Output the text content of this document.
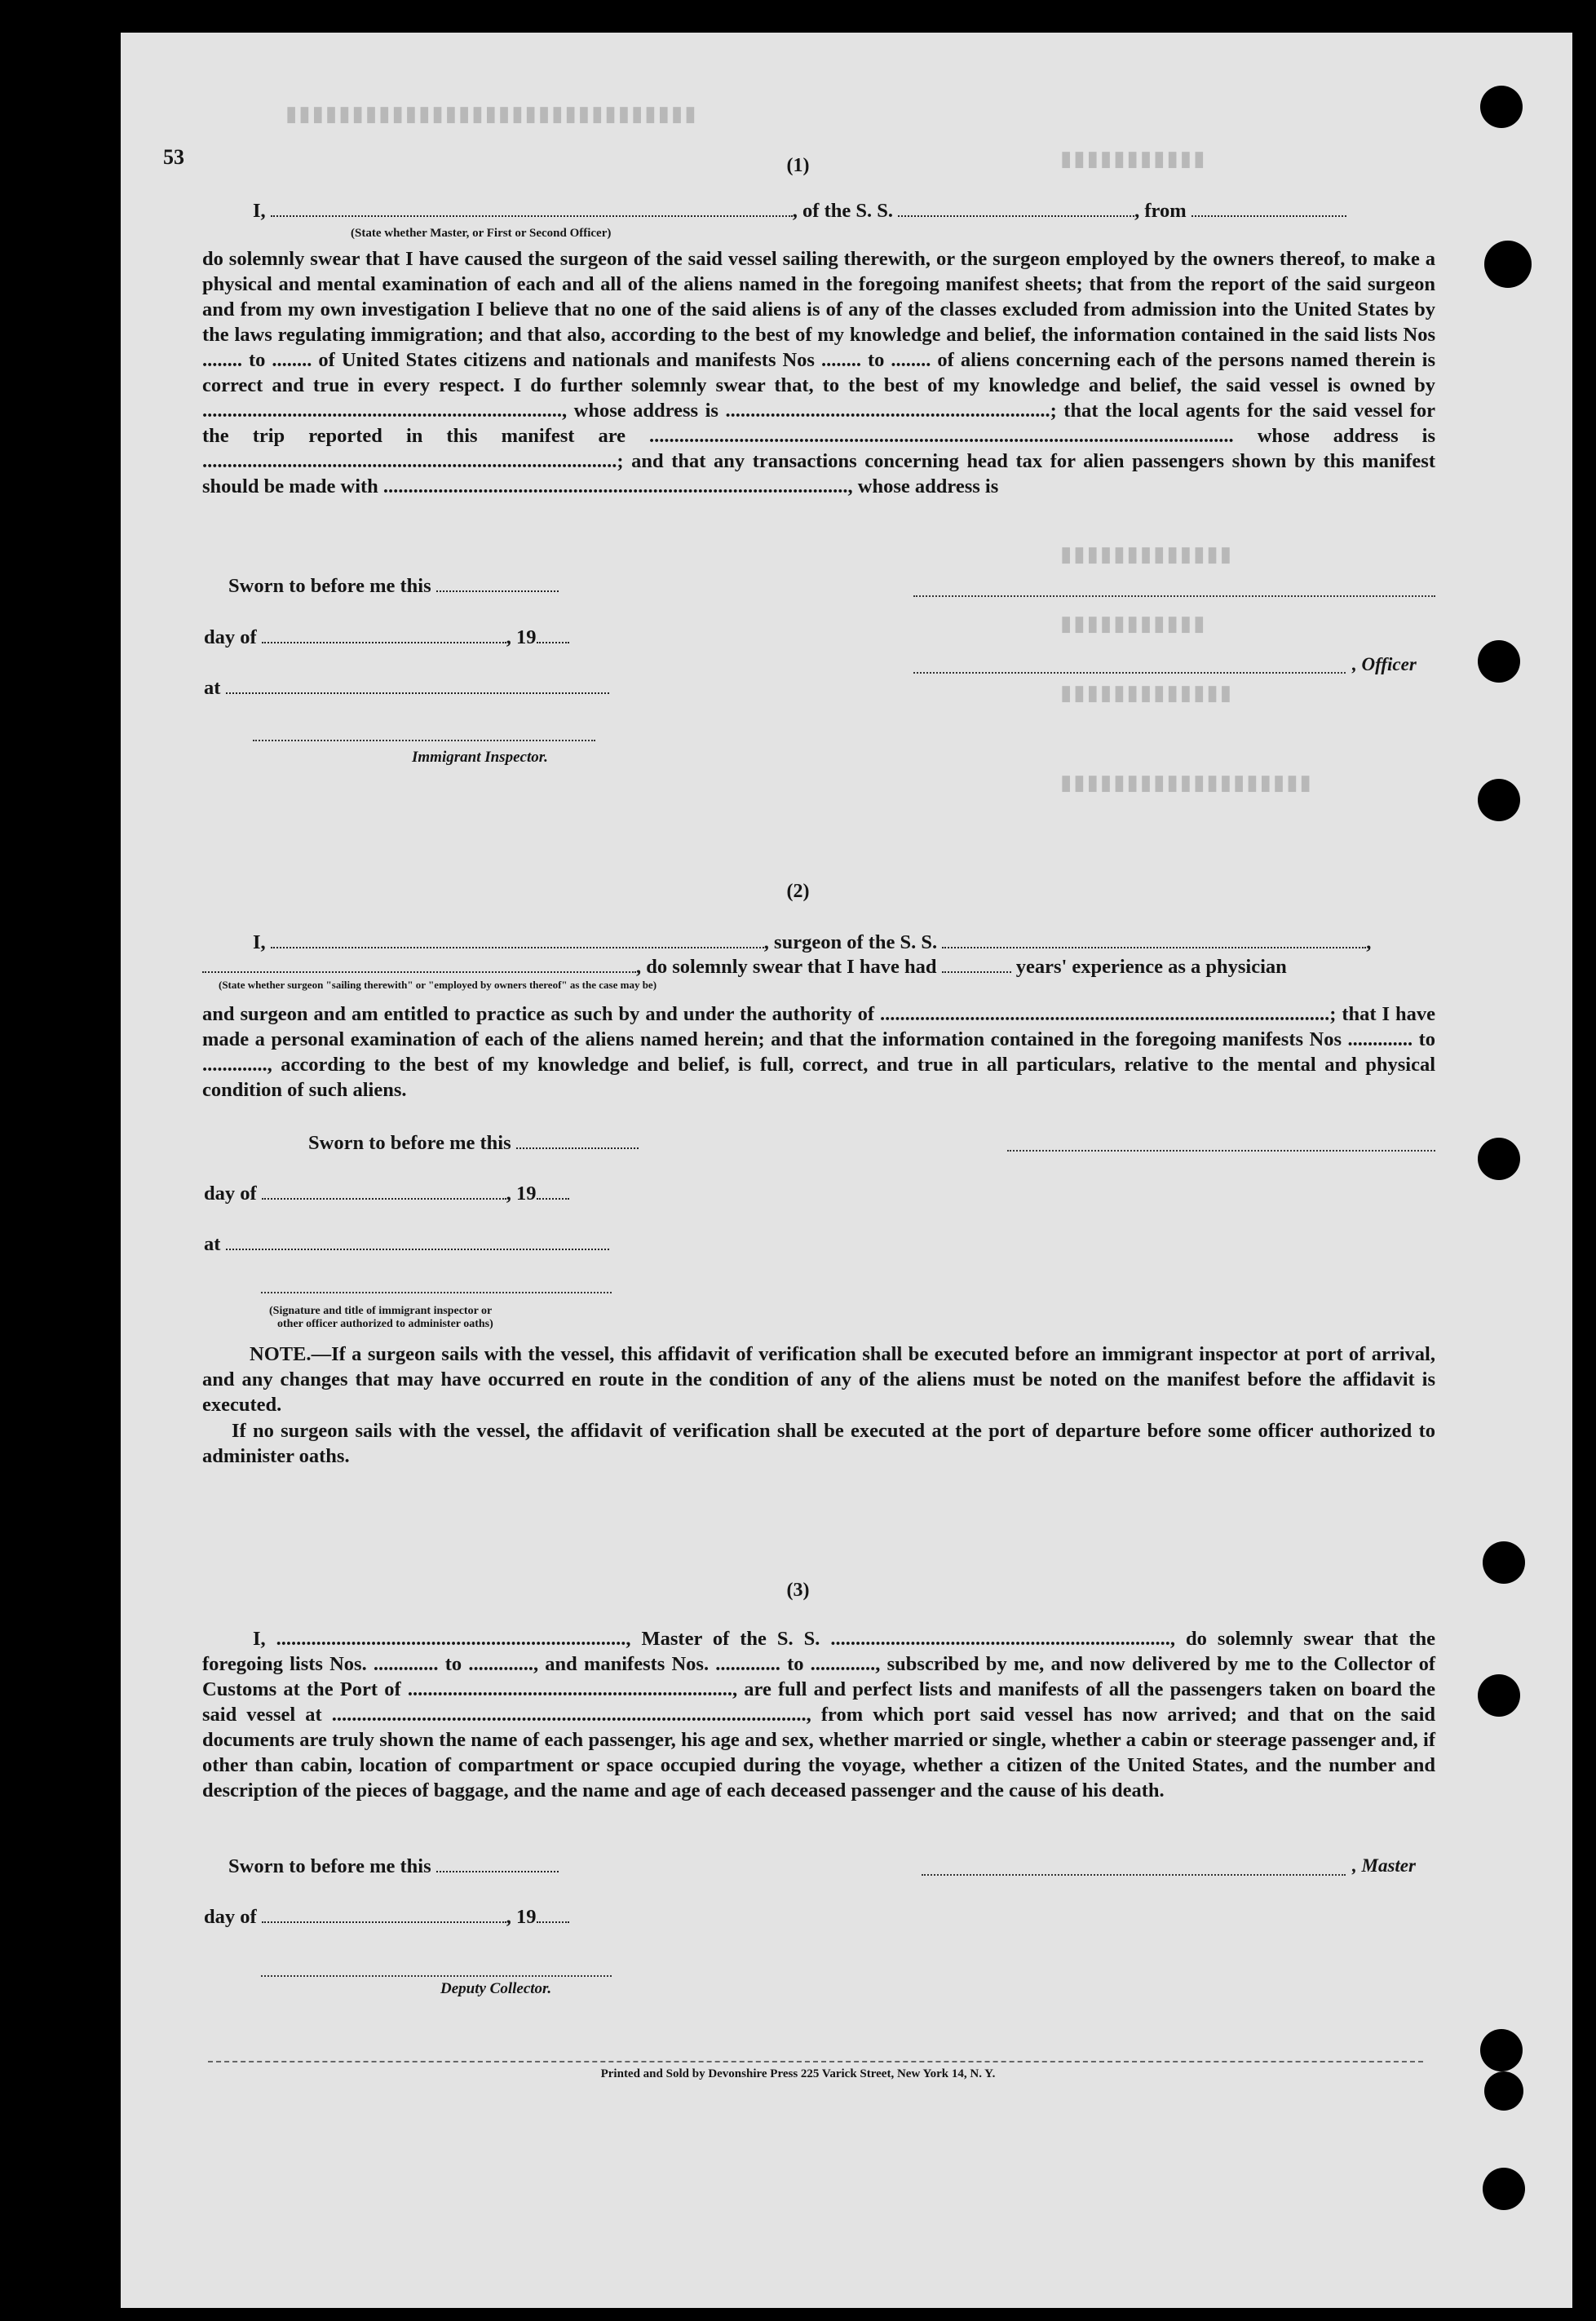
▮▮▮▮▮▮▮▮▮▮▮▮▮▮▮▮▮▮▮▮▮▮▮▮▮▮▮▮▮▮▮
▮▮▮▮▮▮▮▮▮▮▮
▮▮▮▮▮▮▮▮▮▮▮▮▮
▮▮▮▮▮▮▮▮▮▮▮
▮▮▮▮▮▮▮▮▮▮▮▮▮
▮▮▮▮▮▮▮▮▮▮▮▮▮▮▮▮▮▮▮
53	(1)
I,	, of the S. S.	, from
(State whether Master, or First or Second Officer)
do solemnly swear that I have caused the surgeon of the said vessel sailing therewith, or the surgeon employed by the owners thereof, to make a physical and mental examination of each and all of the aliens named in the foregoing manifest sheets; that from the report of the said surgeon and from my own investigation I believe that no one of the said aliens is of any of the classes excluded from admission into the United States by the laws regulating immigration; and that also, according to the best of my knowledge and belief, the information contained in the said lists Nos ........ to ........ of United States citizens and nationals and manifests Nos ........ to ........ of aliens concerning each of the persons named therein is correct and true in every respect. I do further solemnly swear that, to the best of my knowledge and belief, the said vessel is owned by ........................................................................, whose address is .................................................................; that the local agents for the said vessel for the trip reported in this manifest are ..................................................................................................................... whose address is ...................................................................................; and that any transactions concerning head tax for alien passengers shown by this manifest should be made with ............................................................................................., whose address is
Sworn to before me this
day of	, 19
at
Immigrant Inspector.
, Officer
(2)
I,	, surgeon of the S. S.	,
, do solemnly swear that I have had	years' experience as a physician
(State whether surgeon "sailing therewith" or "employed by owners thereof" as the case may be)
and surgeon and am entitled to practice as such by and under the authority of ..........................................................................................; that I have made a personal examination of each of the aliens named herein; and that the information contained in the foregoing manifests Nos ............. to ............., according to the best of my knowledge and belief, is full, correct, and true in all particulars, relative to the mental and physical condition of such aliens.
Sworn to before me this
day of	, 19
at
(Signature and title of immigrant inspector or
other officer authorized to administer oaths)
NOTE.—If a surgeon sails with the vessel, this affidavit of verification shall be executed before an immigrant inspector at port of arrival, and any changes that may have occurred en route in the condition of any of the aliens must be noted on the manifest before the affidavit is executed.
If no surgeon sails with the vessel, the affidavit of verification shall be executed at the port of departure before some officer authorized to administer oaths.
(3)
I, ......................................................................, Master of the S. S. ...................................................................., do solemnly swear that the foregoing lists Nos. ............. to ............., and manifests Nos. ............. to ............., subscribed by me, and now delivered by me to the Collector of Customs at the Port of ................................................................., are full and perfect lists and manifests of all the passengers taken on board the said vessel at ..............................................................................................., from which port said vessel has now arrived; and that on the said documents are truly shown the name of each passenger, his age and sex, whether married or single, whether a cabin or steerage passenger and, if other than cabin, location of compartment or space occupied during the voyage, whether a citizen of the United States, and the number and description of the pieces of baggage, and the name and age of each deceased passenger and the cause of his death.
Sworn to before me this
day of	, 19
Deputy Collector.
, Master
Printed and Sold by Devonshire Press 225 Varick Street, New York 14, N. Y.
